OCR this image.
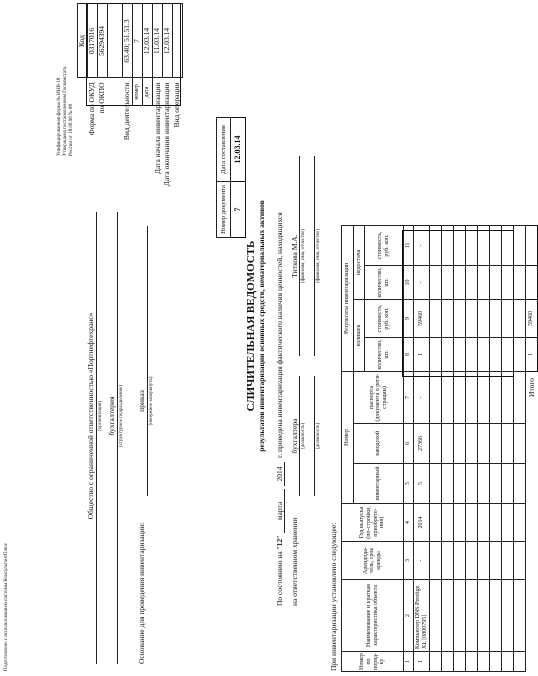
Подготовлено с использованием системы КонсультантПлюс
Унифицированная форма № ИНВ-18 Утверждена постановлением Госкомстата России от 18.08.98 № 88
		Код
Форма по ОКУД		0317016
по ОКПО		56294394

Вид деятельности		63.40; 51.51.3
	номер	7
	дата	12.03.14
Дата начала инвентаризации		11.03.14
Дата окончания инвентаризации		12.03.14
Вид операции		
Общество с ограниченной ответственностью «Портнефтехранс» (организация) бухгалтерия (структурное подразделение)
Основание для проведения инвентаризации:
приказ (ненужное зачеркнуть)
Номер документа	Дата составления
7	12.03.14
СЛИЧИТЕЛЬНАЯ ВЕДОМОСТЬ результатов инвентаризации основных средств, нематериальных активов
По состоянию на "12"
марта
2014
г. проведена инвентаризация фактического наличия ценностей, находящихся
на ответственном хранении
бухгалтера (должность)
Титкова М.А. (фамилия, имя, отчество)
(должность)
(фамилия, имя, отчество)
При инвентаризации установлено следующее:	Номер по поряд-ку	Наименование и краткая характеристика объекта	Арендода-тель, срок аренды	Год выпуска (по-стройки, приобрете-ния)	Номер			Результаты инвентаризации			
				инвентарный	заводской	паспорта (документа о реги-страции)	излишек		недостача	
							количество, шт.	стоимость, руб. коп.	количество, шт.	стоимость, руб. коп.
1	2	3	4	5	6	7	8	9	10	11
1	Компьютер DNS Prestige XL [0800795]	-	2014	5	27366	-	1	59460	-	-

Итого							1	59460		
